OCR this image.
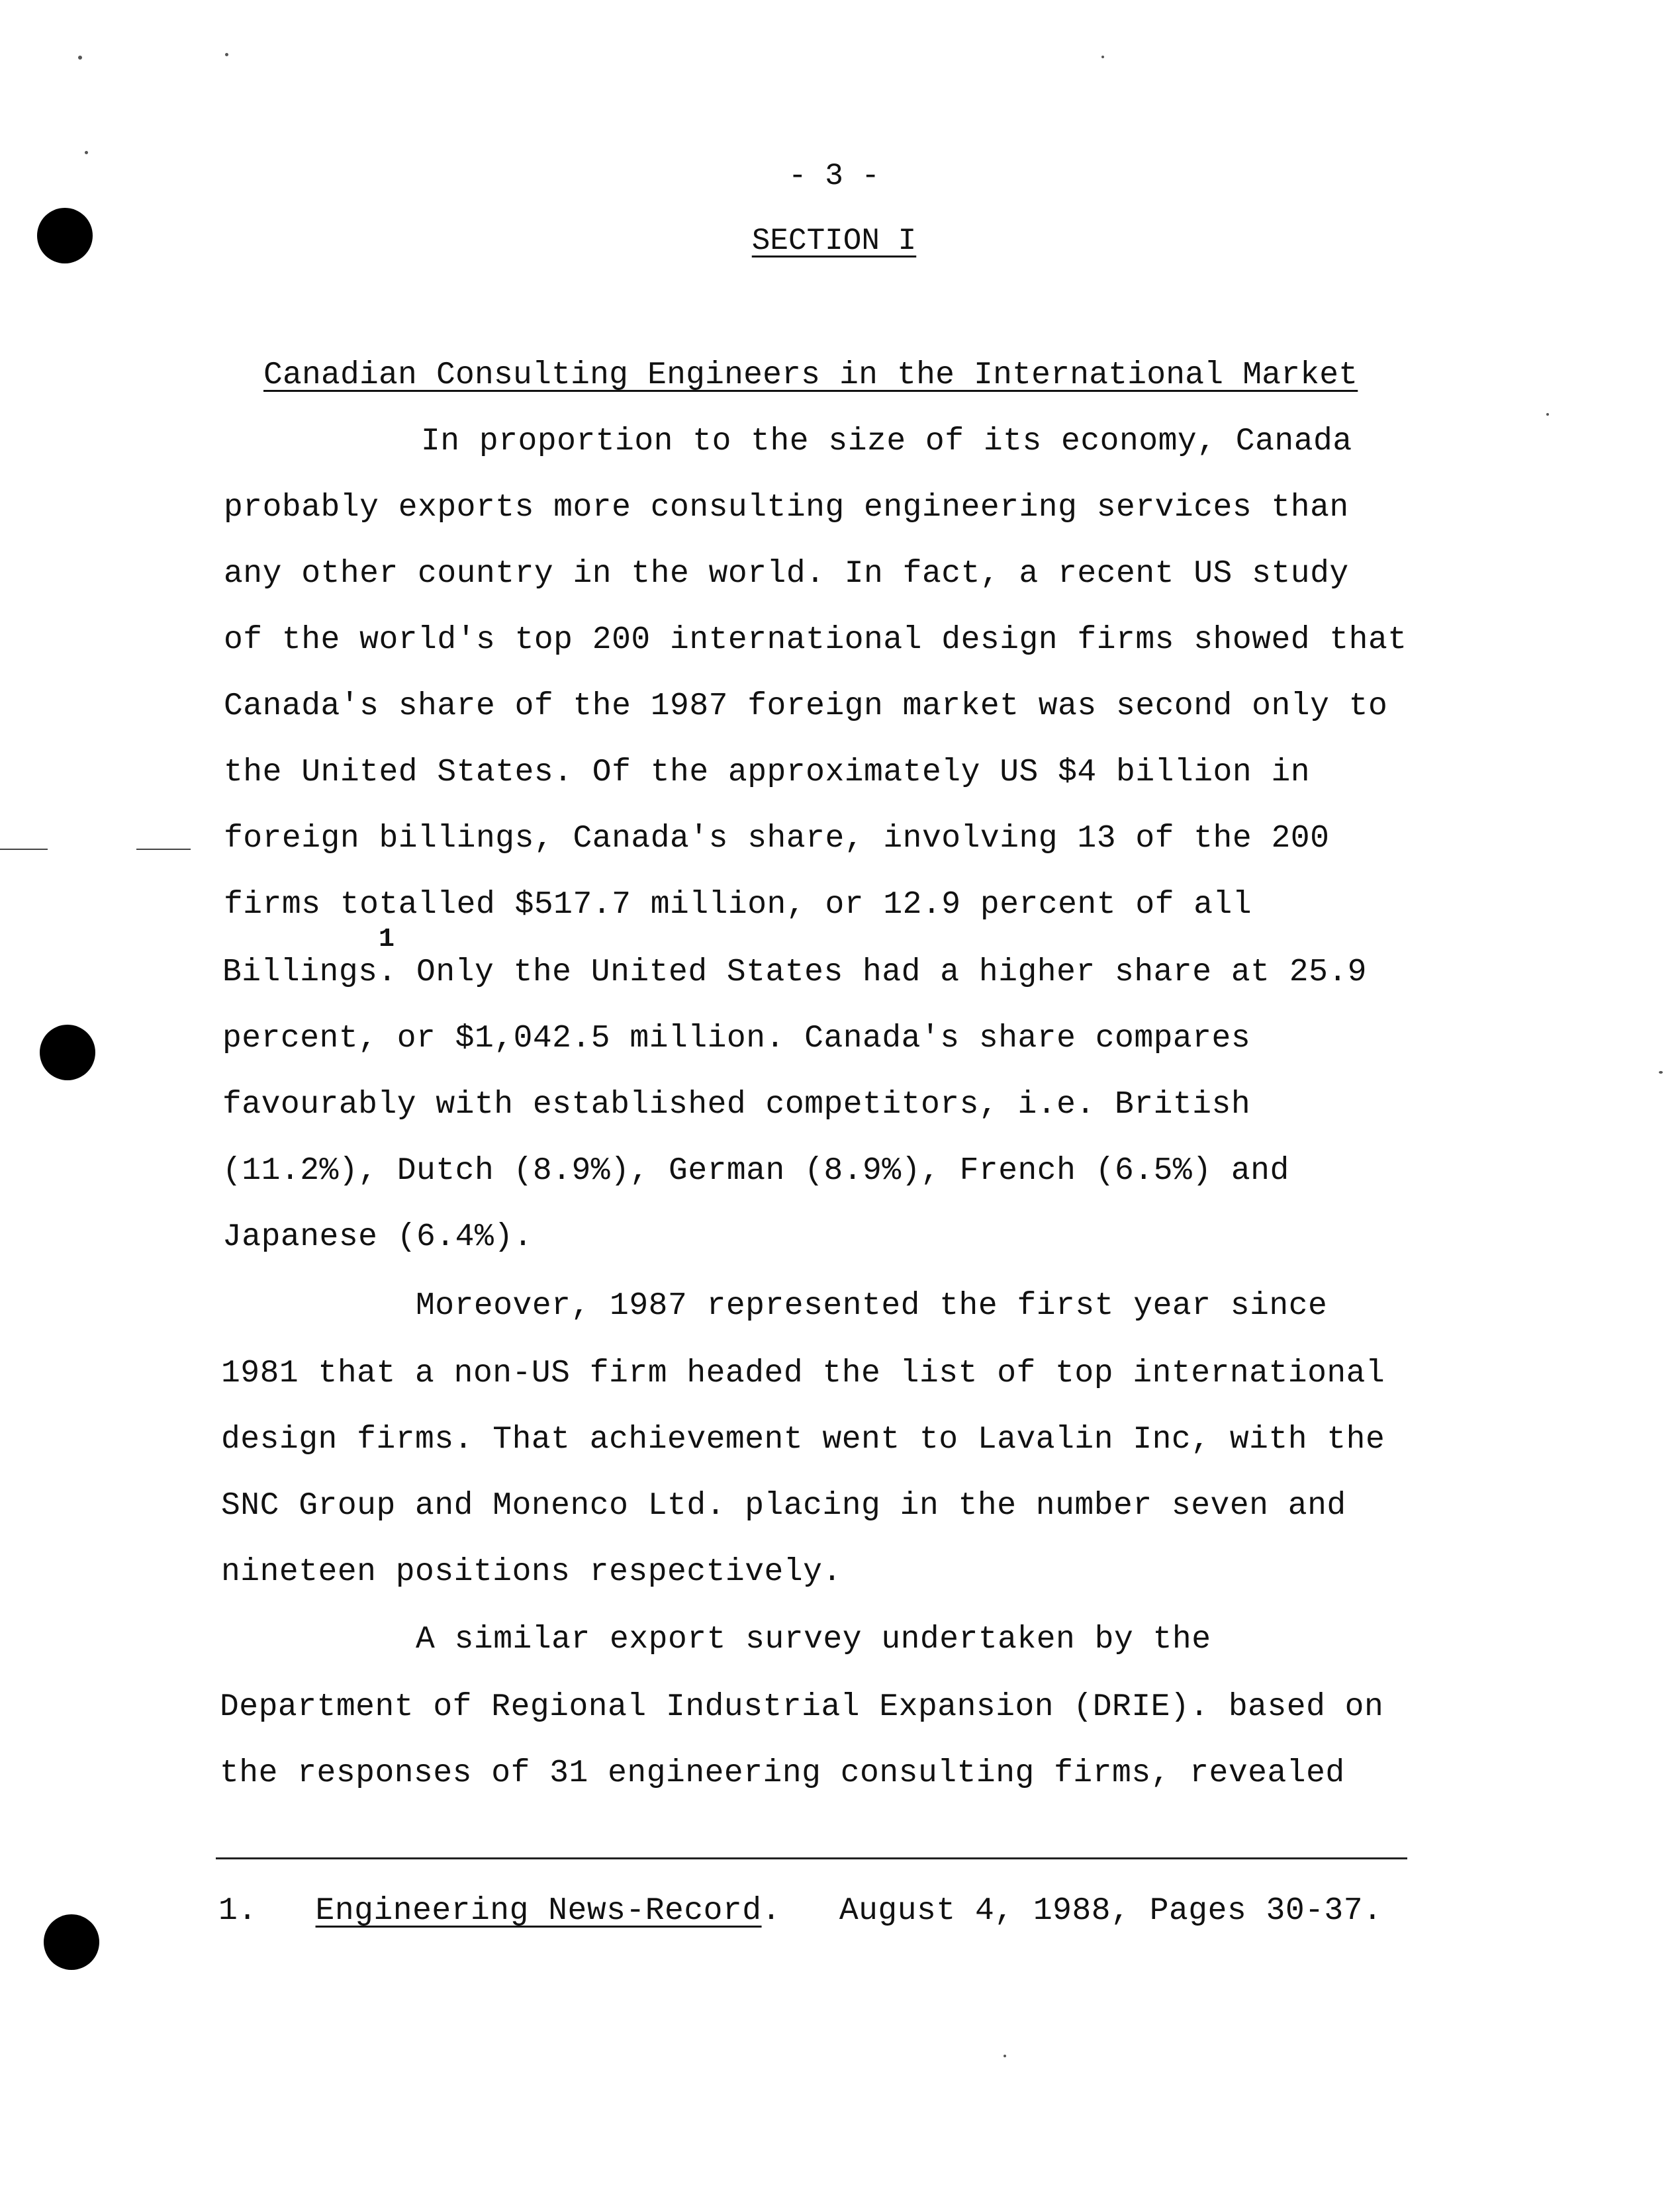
- 3 -
SECTION I
Canadian Consulting Engineers in the International Market
In proportion to the size of its economy, Canada
probably exports more consulting engineering services than
any other country in the world. In fact, a recent US study
of the world's top 200 international design firms showed that
Canada's share of the 1987 foreign market was second only to
the United States. Of the approximately US $4 billion in
foreign billings, Canada's share, involving 13 of the 200
firms totalled $517.7 million, or 12.9 percent of all
1
Billings. Only the United States had a higher share at 25.9
percent, or $1,042.5 million. Canada's share compares
favourably with established competitors, i.e. British
(11.2%), Dutch (8.9%), German (8.9%), French (6.5%) and
Japanese (6.4%).
Moreover, 1987 represented the first year since
1981 that a non-US firm headed the list of top international
design firms. That achievement went to Lavalin Inc, with the
SNC Group and Monenco Ltd. placing in the number seven and
nineteen positions respectively.
A similar export survey undertaken by the
Department of Regional Industrial Expansion (DRIE). based on
the responses of 31 engineering consulting firms, revealed
1. Engineering News-Record. August 4, 1988, Pages 30-37.
